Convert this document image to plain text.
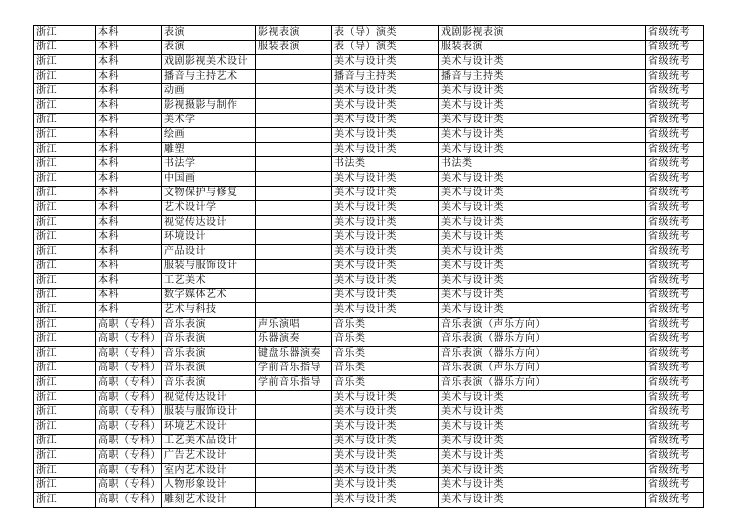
浙江	本科	表演	影视表演	表（导）演类	戏剧影视表演	省级统考
浙江	本科	表演	服装表演	表（导）演类	服装表演	省级统考
浙江	本科	戏剧影视美术设计		美术与设计类	美术与设计类	省级统考
浙江	本科	播音与主持艺术		播音与主持类	播音与主持类	省级统考
浙江	本科	动画		美术与设计类	美术与设计类	省级统考
浙江	本科	影视摄影与制作		美术与设计类	美术与设计类	省级统考
浙江	本科	美术学		美术与设计类	美术与设计类	省级统考
浙江	本科	绘画		美术与设计类	美术与设计类	省级统考
浙江	本科	雕塑		美术与设计类	美术与设计类	省级统考
浙江	本科	书法学		书法类	书法类	省级统考
浙江	本科	中国画		美术与设计类	美术与设计类	省级统考
浙江	本科	文物保护与修复		美术与设计类	美术与设计类	省级统考
浙江	本科	艺术设计学		美术与设计类	美术与设计类	省级统考
浙江	本科	视觉传达设计		美术与设计类	美术与设计类	省级统考
浙江	本科	环境设计		美术与设计类	美术与设计类	省级统考
浙江	本科	产品设计		美术与设计类	美术与设计类	省级统考
浙江	本科	服装与服饰设计		美术与设计类	美术与设计类	省级统考
浙江	本科	工艺美术		美术与设计类	美术与设计类	省级统考
浙江	本科	数字媒体艺术		美术与设计类	美术与设计类	省级统考
浙江	本科	艺术与科技		美术与设计类	美术与设计类	省级统考
浙江	高职（专科）	音乐表演	声乐演唱	音乐类	音乐表演（声乐方向）	省级统考
浙江	高职（专科）	音乐表演	乐器演奏	音乐类	音乐表演（器乐方向）	省级统考
浙江	高职（专科）	音乐表演	键盘乐器演奏	音乐类	音乐表演（器乐方向）	省级统考
浙江	高职（专科）	音乐表演	学前音乐指导	音乐类	音乐表演（声乐方向）	省级统考
浙江	高职（专科）	音乐表演	学前音乐指导	音乐类	音乐表演（器乐方向）	省级统考
浙江	高职（专科）	视觉传达设计		美术与设计类	美术与设计类	省级统考
浙江	高职（专科）	服装与服饰设计		美术与设计类	美术与设计类	省级统考
浙江	高职（专科）	环境艺术设计		美术与设计类	美术与设计类	省级统考
浙江	高职（专科）	工艺美术品设计		美术与设计类	美术与设计类	省级统考
浙江	高职（专科）	广告艺术设计		美术与设计类	美术与设计类	省级统考
浙江	高职（专科）	室内艺术设计		美术与设计类	美术与设计类	省级统考
浙江	高职（专科）	人物形象设计		美术与设计类	美术与设计类	省级统考
浙江	高职（专科）	雕刻艺术设计		美术与设计类	美术与设计类	省级统考
